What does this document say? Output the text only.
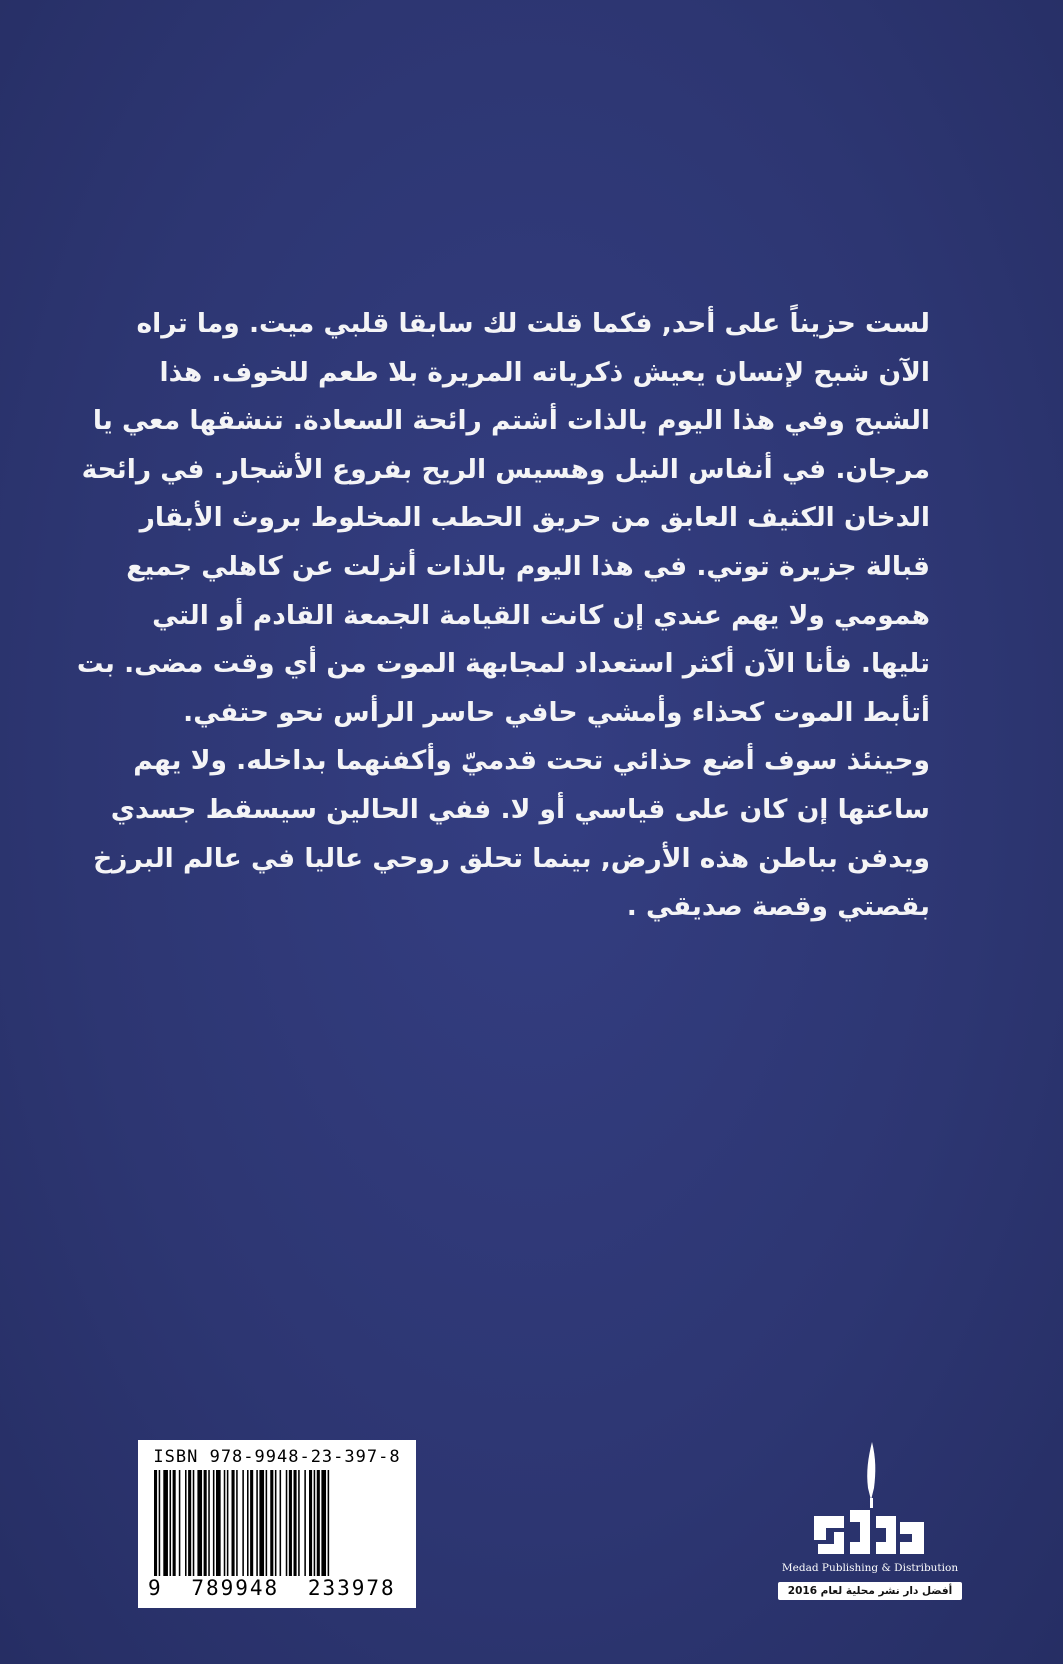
لست حزيناً على أحد, فكما قلت لك سابقا قلبي ميت. وما تراه
الآن شبح لإنسان يعيش ذكرياته المريرة بلا طعم للخوف. هذا
الشبح وفي هذا اليوم بالذات أشتم رائحة السعادة. تنشقها معي يا
مرجان. في أنفاس النيل وهسيس الريح بفروع الأشجار. في رائحة
الدخان الكثيف العابق من حريق الحطب المخلوط بروث الأبقار
قبالة جزيرة توتي. في هذا اليوم بالذات أنزلت عن كاهلي جميع
همومي ولا يهم عندي إن كانت القيامة الجمعة القادم أو التي
تليها. فأنا الآن أكثر استعداد لمجابهة الموت من أي وقت مضى. بت
أتأبط الموت كحذاء وأمشي حافي حاسر الرأس نحو حتفي.
وحينئذ سوف أضع حذائي تحت قدميّ وأكفنهما بداخله. ولا يهم
ساعتها إن كان على قياسي أو لا. ففي الحالين سيسقط جسدي
ويدفن بباطن هذه الأرض, بينما تحلق روحي عاليا في عالم البرزخ
بقصتي وقصة صديقي .
ISBN 978-9948-23-397-8
9 789948 233978
Medad Publishing & Distribution
أفضل دار نشر محلية لعام 2016
